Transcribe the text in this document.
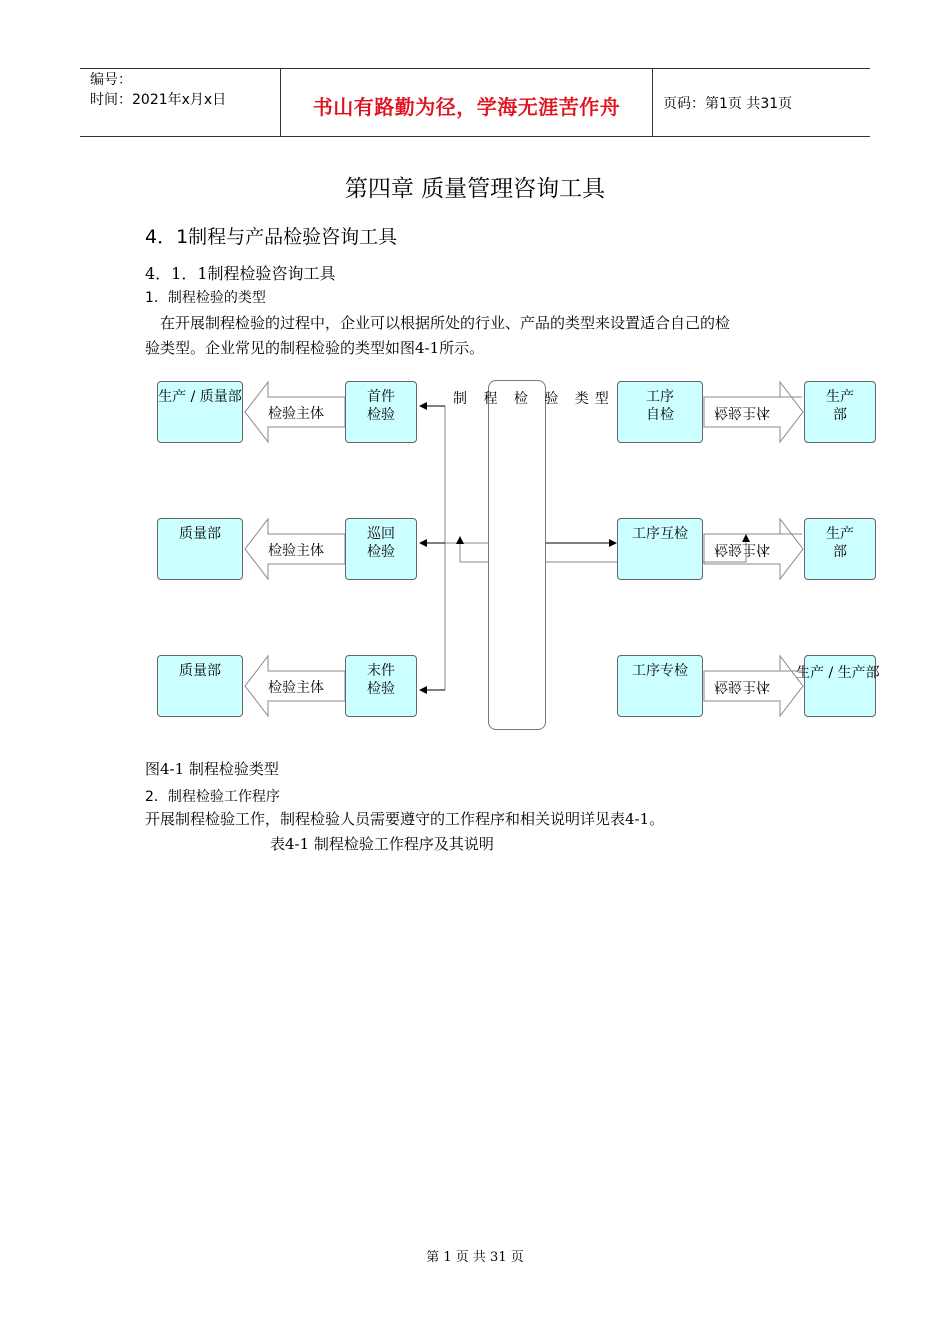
编号：
时间：2021年x月x日	书山有路勤为径，学海无涯苦作舟	页码：第1页 共31页
第四章 质量管理咨询工具
4．1制程与产品检验咨询工具
4．1．1制程检验咨询工具
1．制程检验的类型
在开展制程检验的过程中，企业可以根据所处的行业、产品的类型来设置适合自己的检
验类型。企业常见的制程检验的类型如图4-1所示。
制 程 检 验 类型
生产 / 质量部
质量部
质量部
检验主体
检验主体
检验主体
首件
检验
巡回
检验
末件
检验
工序
自检
工序互检
工序专检
检验主体
检验主体
检验主体
生产
部
生产
部
生产 / 生产部
图4-1 制程检验类型
2．制程检验工作程序
开展制程检验工作，制程检验人员需要遵守的工作程序和相关说明详见表4-1。
表4-1 制程检验工作程序及其说明
第 1 页 共 31 页
